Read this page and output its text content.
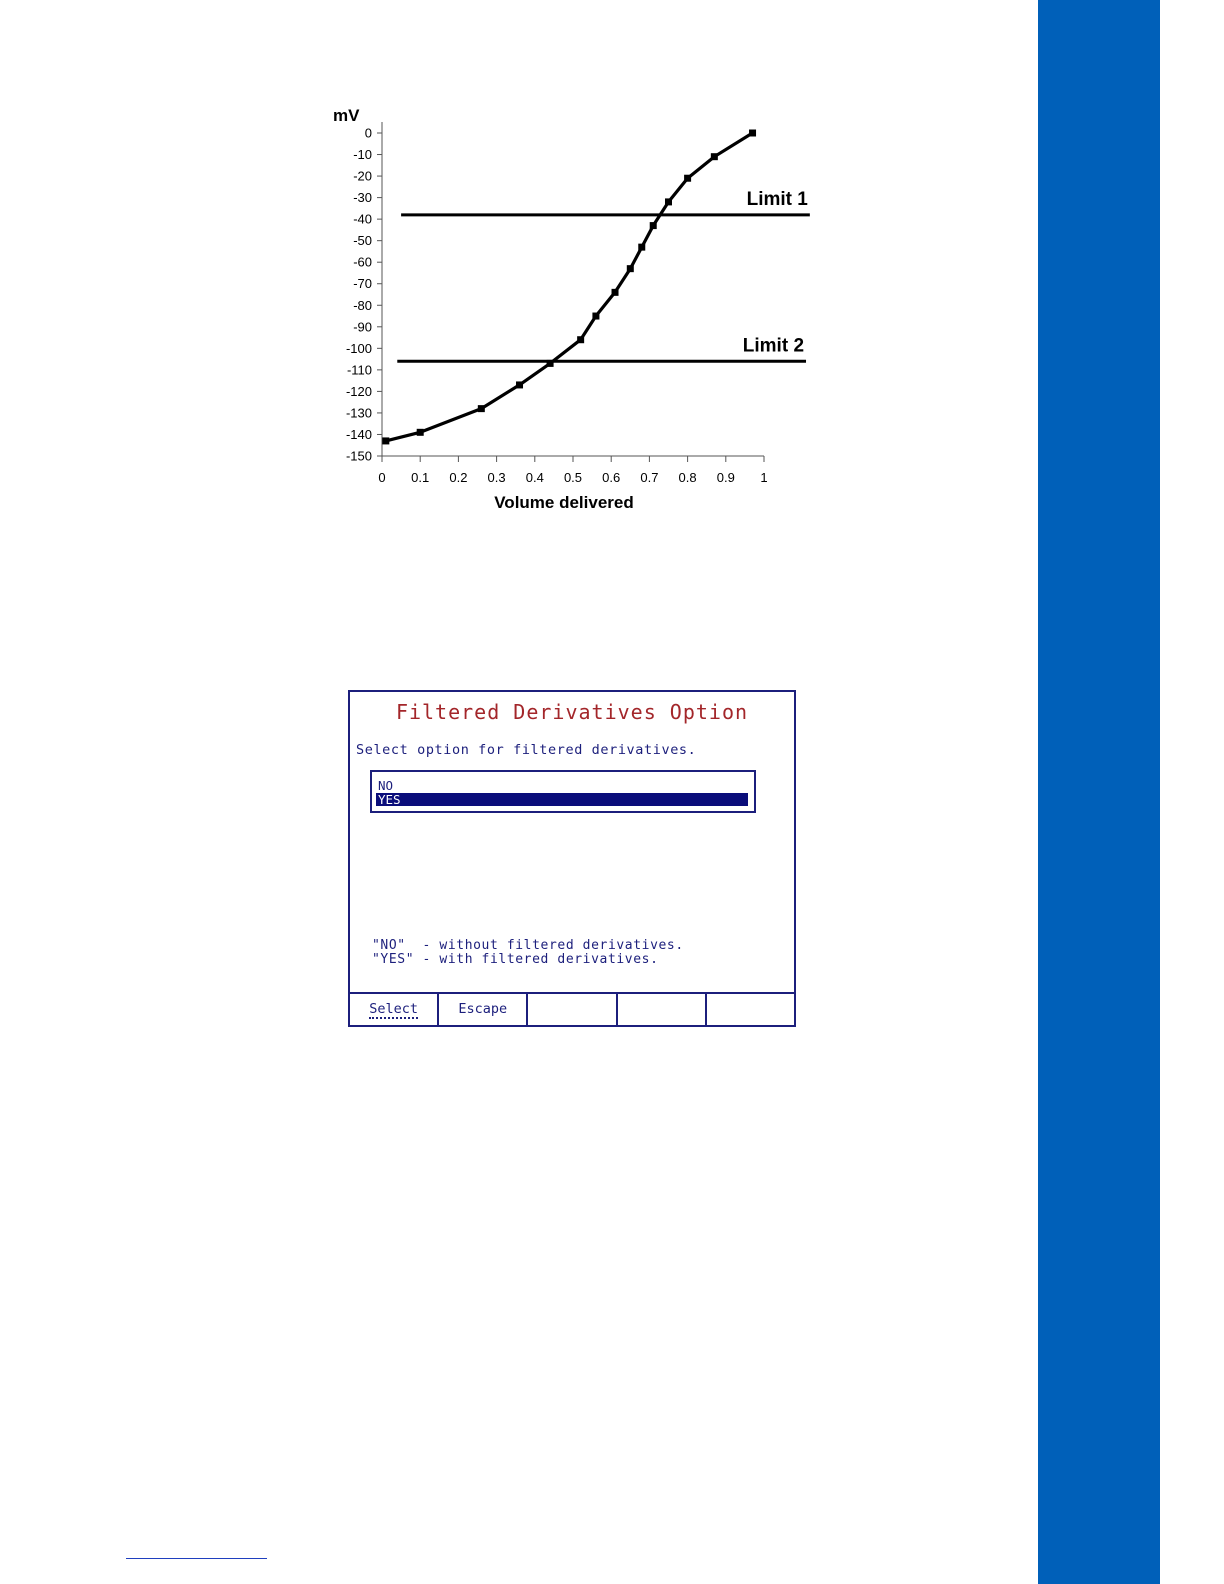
mV
0
-10
-20
-30
-40
-50
-60
-70
-80
-90
-100
-110
-120
-130
-140
-150
0 0.1 0.2 0.3 0.4 0.5 0.6 0.7 0.8 0.9 1
Limit 1
Limit 2
Volume delivered
Filtered Derivatives Option
Select option for filtered derivatives.
NO
YES
"NO"  - without filtered derivatives.
"YES" - with filtered derivatives.
Select	Escape
